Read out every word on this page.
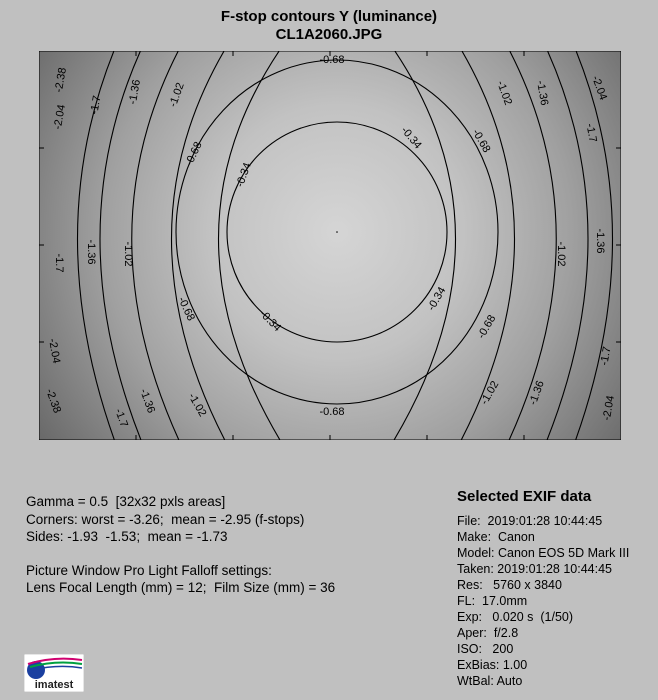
F-stop contours Y (luminance)
CL1A2060.JPG
-0.68
-0.68
-0.68	-0.68
-0.68
-0.68
-0.34
-0.34
-0.34
-0.34
-1.02	-1.02
-1.02	-1.02
-1.02	-1.02
-1.36	-1.36
-1.36	-1.36
-1.36	-1.36
-1.7
-1.7
-1.7
-1.7
-1.7
-2.04
-2.04
-2.04
-2.04
-2.38
-2.38
Gamma = 0.5  [32x32 pxls areas]
Corners: worst = -3.26;  mean = -2.95 (f-stops)
Sides: -1.93  -1.53;  mean = -1.73
Picture Window Pro Light Falloff settings:
Lens Focal Length (mm) = 12;  Film Size (mm) = 36
Selected EXIF data
File:  2019:01:28 10:44:45
Make:  Canon
Model: Canon EOS 5D Mark III
Taken: 2019:01:28 10:44:45
Res:   5760 x 3840
FL:  17.0mm
Exp:   0.020 s  (1/50)
Aper:  f/2.8
ISO:   200
ExBias: 1.00
WtBal: Auto
imatest
